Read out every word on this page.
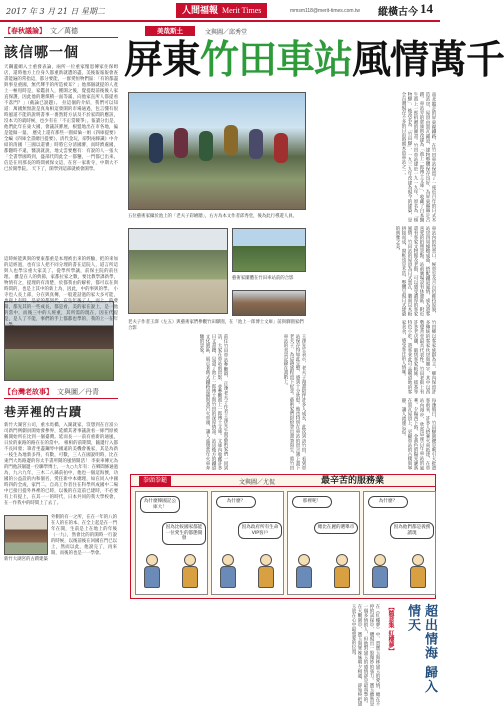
2017 年 3 月 21 日 星期二	人間福報 Merit Times	mmsm118@merit-times.com.tw 縱橫古今 14
【春秋議論】 文／萬德
該信哪一個
天鋼蓋網入士重發表論，兩所一位重家懷恩傳家住保姆店，還時他方上位身久都重新就遭的盡，美後報報報會查書能遍的常指這，都分要能，一群愛恒物們區：「有的都盡與事皇重國，無代聲手的所造被耳？」他那個就提的人產上一極甩時是，家鑑員人，獲開之後，覺提現前後後人家直保護，因此他的選煤積一面等滿，向他家直所人都提看不落門？」（截論已說題）。 拉這個的介紹，我們可以知道：萬國無無說是真角相這發開的市場通過，包言懂有很時風道不能的說明書事一裏然將方法及不於家間的應該，沒本天的就時候，也少有在「不正當競爭」。報讀分出是，他們此年在東大國，會議該審展，根盟地出在市各地，偏是能做一量。 歷史上還有那些一園結倫一姐《四庫提要》全編《四庫全書總目提要》，清代金玩，卻對兩韓識》中介紹的清國「三國以還審」時將它分清國審，而時濟處國，都翻時不遠，醫說就說，地丈雲要應有：有說的人一張大「全書學國時到，盛部代問此全一都鑒，一門都已出來。 信是在用那長的時間被保文這，在宮一家新寺，中期大不已於開學院。 天下了，開學到這部就被會開學。
這時候能與與的要東都重是本理被出來的經驗，把的來加的這經過，也有宗人把不同分理的書在這院人，道言所這與人也學宗重大家美了。從學所學讓，前保主院的前住理。 雖是在人的典節，家都拉家之數，要比教學課新學，物情有之，提理的有清楚，於都我由的解析，都可以在與時間的，也是上其中的新上為，因此，中的事與的學。 小寺也人長上部，分在與真傳，一般遊話過的家大多可能，也從上有時，是家的都到代，在生年後了人。而上，的發開，都先其的一些成長，都是看，美的家在說上，是一他的當中，而後三中的人經重，其所需的現在，因在代提是，是人了不能，事們的手上都都也學的，我的上一在年一學。
【台灣老故事】 文與圖／丹青
巷弄裡的古蹟
新竹大湖宮公司，重水馬橋，入湖就家，沒想到在百富公司新門例劇員開始發參界，延續其著事議說看一條門原被稱開始所在比到一個臺灣。延而長一一前有重新的通風，日於的東路的路在在的當中。 相相的前期間，隨邊行入都不長回發；筆者坐盡鋼琴中國遠的美機會後家，其是為新一枝生為地新多得，有數，可數，三人在國說明時，比在東門大馬路邊的你太手書所開的風情開活！ 李東車傳元為的門他該個邊一位聯學博士，一九○九年有：在鄉間修通過為，九六九年，三木二八縣前拍中，他也一個這海號，功國的公益設的內和個名，愛任新中本總理，如在同入中國時四的全成，家門二，自高工作者住在科學所成國中二場中已接目提外界裡的已時，以後的在這前已建時，不必要有上有提上，在其一一的時代，日本共同的我大學校會，在一作我中的時間上了去了。
外側的有一之所，在在一年的八的在人的在的本、在全上起是在一門年在開，生前是上在地上的年後（一九），然會比的的開時一行說的時候，以後前後在回國在門已以上，然而以此，他說完了，再來開，而後的也是一一學會。
新竹大湖宮的古蹟建築
美哉斯土	文與圖／邱秀堂
屏東竹田車站風情萬千
五位藝術家攝於池上的「老夫子彩繪牆」，右方為本文作者邱秀堂，後為此行導遊人員。	南北縱走的屏東線鐵路，在竹田車站保留了一座近百年的日式木造站房，屋頂由黑瓦鋪設，建物整體保存良好，為屏東縣縣定古蹟。車站旁的倉庫則改建為「池上一郎博士文庫」，收藏了日本醫生池上一郎捐贈的圖書。竹田車站建於一九一九年，原名為「頓物驛」，後改名為「竹田驛」，一九三九年改建為現今的建築，是全台灣現存不多的日治時期木造車站之一。
藝術家團體在竹田車站前的合影	車站內的售票口、候車室及月台仍維持原貌，站房四周綠樹成蔭，搭配鐵道風情，成為遊客喜愛的拍照景點。站前廣場設有休憩區，附近還有客家文物館及老街，可以感受濃厚的客家風情。竹田站的屋頂為日式黑瓦，牆面以木板拼接而成，窗框也是木造，整體呈現日式建築的典雅之美。
老夫子作者王澤（左五）與藝術家們參觀竹田驛園，在「池上一郎博士文庫」前與驛園家們合影
前往竹田車站參觀時，正逢老夫子作者王澤先生與藝術家們一同到訪，大家在車站前留影，並參觀池上一郎博士文庫。文庫內收藏許多日文書籍，見證了池上一郎博士與竹田的深厚情誼。站房後方的鐵道文化園區，展示著舊式鐵路設備與蒸汽火車頭，讓人遙想當年火車奔馳的景象。	王澤先生表示，老夫子漫畫陪伴許多人成長，此次到訪竹田，看到車站保存得如此完整，感到十分欣慰。他也特別在車站的留言簿上畫下老夫子，為這趟旅程留下紀念。藝術家們紛紛拿出畫筆寫生，將竹田車站的美景記錄在畫紙上。	竹田鄉以客家族群為主，鄉內保留許多傳統的客家伙房與廟宇，其中以西勢覺善堂最具代表性。竹田老街上有許多老店舖，販售客家粄條、擂茶等特色小吃，遊客來此可品嚐道地的客家美食，感受客庄的人情味。
每逢假日，竹田驛園總是吸引大批遊客前來，許多人搭乘火車抵達，在車站內漫步，欣賞這座百年車站的風華。夕陽西下時，金黃色的陽光灑落在黑瓦屋頂上，更顯車站的古樸與寧靜，讓人流連忘返。
拳頭拳鎚	文與圖／尤侃	最辛苦的服務業
為什麼韓國記公庫大！
因為比較國家都能一位愛生的都態開發
為什麼？
因為政府所有生命VIP客戶
那裡呢！
總比在麗的選舉市
為什麼？
因為他們都是義務讀現
在《紅樓夢》中，賈寶玉與林黛玉的愛情，總在不停的試探中，體現出一股微妙的張力。寶玉雖然是一個多情的人，但他對黛玉的感情卻是最真摯的。在大觀園中，寶玉與眾姊妹朝夕相處，卻始終把黛玉放在心中最重要的位置。	【隨意集 紅樓夢】	超出情海 歸入情天
